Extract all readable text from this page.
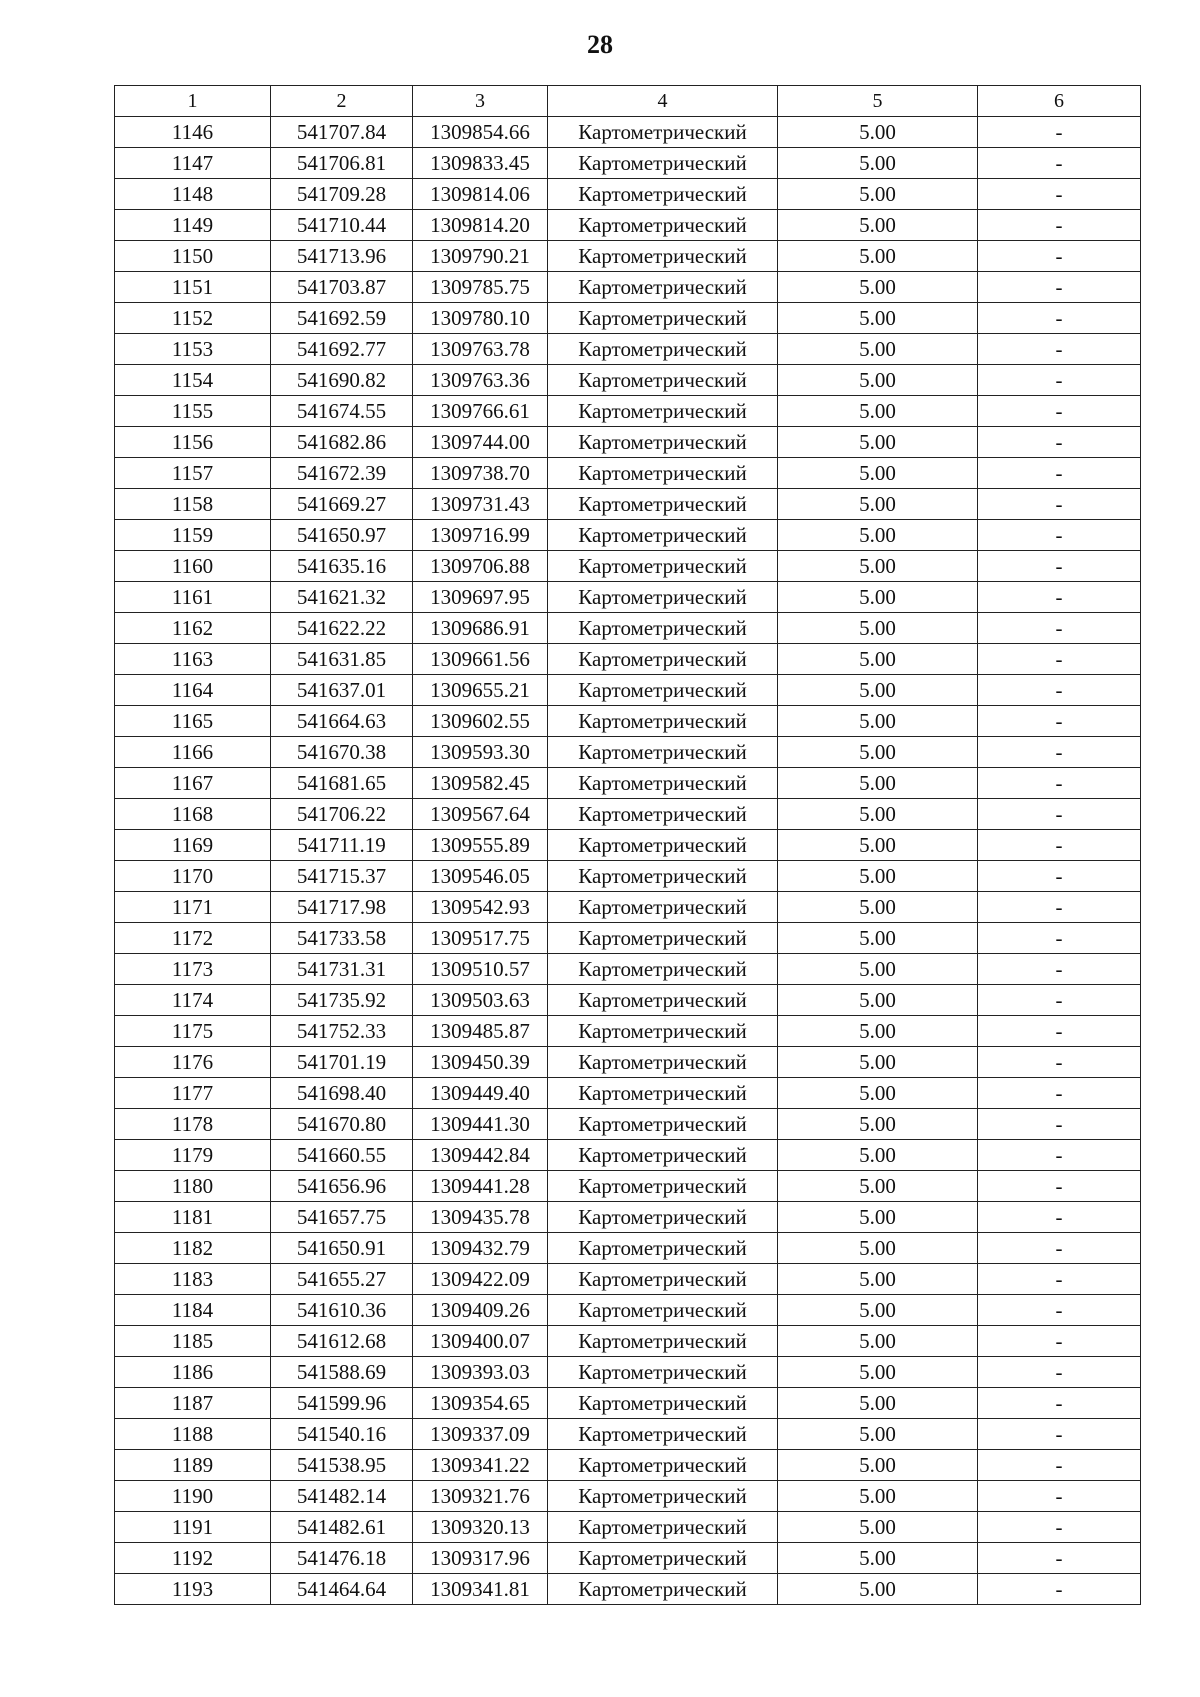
28
1	2	3	4	5	6
1146	541707.84	1309854.66	Картометрический	5.00	-
1147	541706.81	1309833.45	Картометрический	5.00	-
1148	541709.28	1309814.06	Картометрический	5.00	-
1149	541710.44	1309814.20	Картометрический	5.00	-
1150	541713.96	1309790.21	Картометрический	5.00	-
1151	541703.87	1309785.75	Картометрический	5.00	-
1152	541692.59	1309780.10	Картометрический	5.00	-
1153	541692.77	1309763.78	Картометрический	5.00	-
1154	541690.82	1309763.36	Картометрический	5.00	-
1155	541674.55	1309766.61	Картометрический	5.00	-
1156	541682.86	1309744.00	Картометрический	5.00	-
1157	541672.39	1309738.70	Картометрический	5.00	-
1158	541669.27	1309731.43	Картометрический	5.00	-
1159	541650.97	1309716.99	Картометрический	5.00	-
1160	541635.16	1309706.88	Картометрический	5.00	-
1161	541621.32	1309697.95	Картометрический	5.00	-
1162	541622.22	1309686.91	Картометрический	5.00	-
1163	541631.85	1309661.56	Картометрический	5.00	-
1164	541637.01	1309655.21	Картометрический	5.00	-
1165	541664.63	1309602.55	Картометрический	5.00	-
1166	541670.38	1309593.30	Картометрический	5.00	-
1167	541681.65	1309582.45	Картометрический	5.00	-
1168	541706.22	1309567.64	Картометрический	5.00	-
1169	541711.19	1309555.89	Картометрический	5.00	-
1170	541715.37	1309546.05	Картометрический	5.00	-
1171	541717.98	1309542.93	Картометрический	5.00	-
1172	541733.58	1309517.75	Картометрический	5.00	-
1173	541731.31	1309510.57	Картометрический	5.00	-
1174	541735.92	1309503.63	Картометрический	5.00	-
1175	541752.33	1309485.87	Картометрический	5.00	-
1176	541701.19	1309450.39	Картометрический	5.00	-
1177	541698.40	1309449.40	Картометрический	5.00	-
1178	541670.80	1309441.30	Картометрический	5.00	-
1179	541660.55	1309442.84	Картометрический	5.00	-
1180	541656.96	1309441.28	Картометрический	5.00	-
1181	541657.75	1309435.78	Картометрический	5.00	-
1182	541650.91	1309432.79	Картометрический	5.00	-
1183	541655.27	1309422.09	Картометрический	5.00	-
1184	541610.36	1309409.26	Картометрический	5.00	-
1185	541612.68	1309400.07	Картометрический	5.00	-
1186	541588.69	1309393.03	Картометрический	5.00	-
1187	541599.96	1309354.65	Картометрический	5.00	-
1188	541540.16	1309337.09	Картометрический	5.00	-
1189	541538.95	1309341.22	Картометрический	5.00	-
1190	541482.14	1309321.76	Картометрический	5.00	-
1191	541482.61	1309320.13	Картометрический	5.00	-
1192	541476.18	1309317.96	Картометрический	5.00	-
1193	541464.64	1309341.81	Картометрический	5.00	-
